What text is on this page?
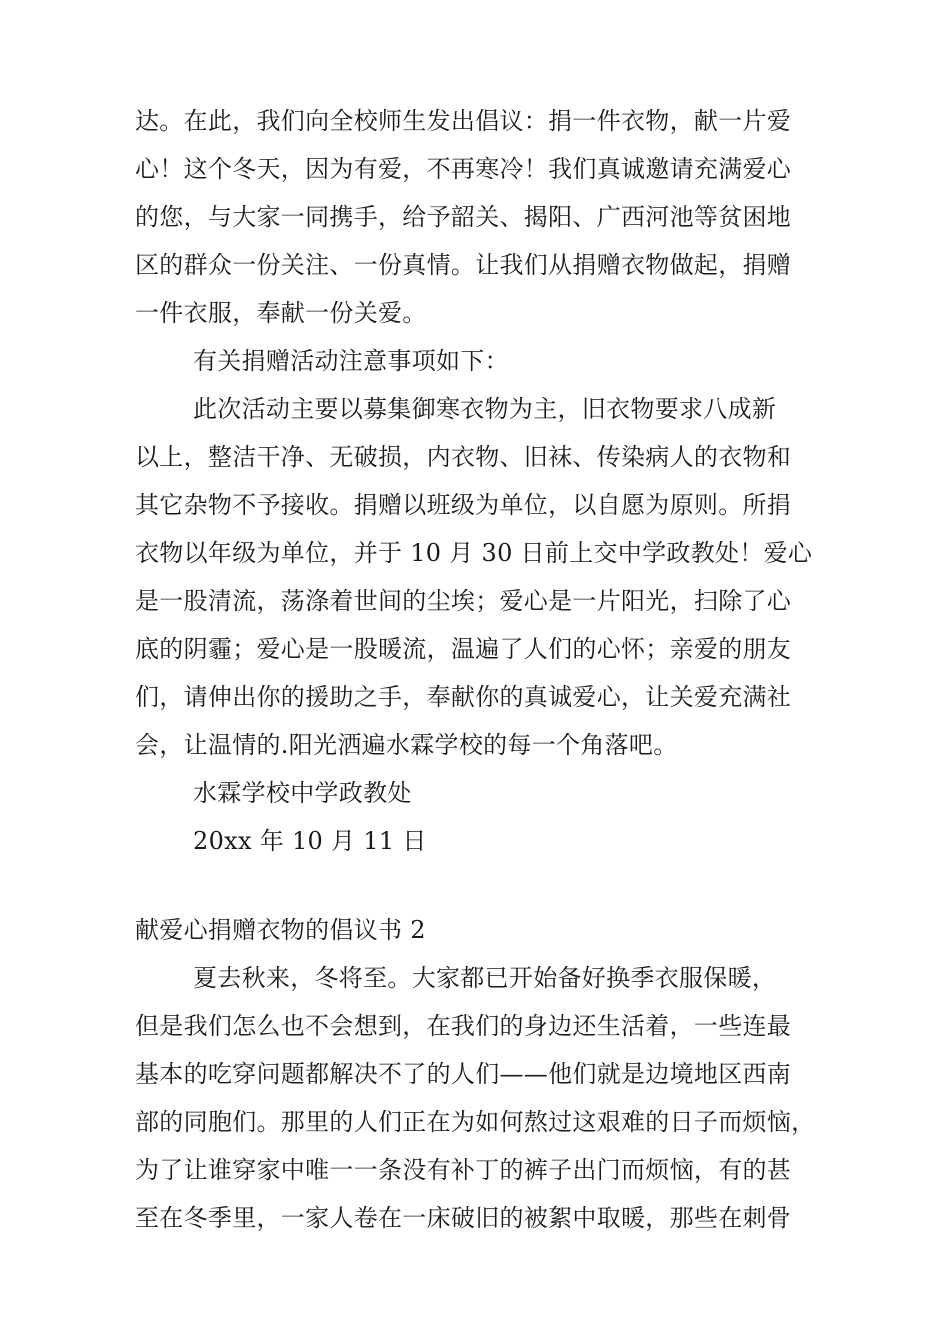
达。在此，我们向全校师生发出倡议：捐一件衣物，献一片爱
心！这个冬天，因为有爱，不再寒冷！我们真诚邀请充满爱心
的您，与大家一同携手，给予韶关、揭阳、广西河池等贫困地
区的群众一份关注、一份真情。让我们从捐赠衣物做起，捐赠
一件衣服，奉献一份关爱。
有关捐赠活动注意事项如下：
此次活动主要以募集御寒衣物为主，旧衣物要求八成新
以上，整洁干净、无破损，内衣物、旧袜、传染病人的衣物和
其它杂物不予接收。捐赠以班级为单位，以自愿为原则。所捐
衣物以年级为单位，并于 10 月 30 日前上交中学政教处！爱心
是一股清流，荡涤着世间的尘埃；爱心是一片阳光，扫除了心
底的阴霾；爱心是一股暖流，温遍了人们的心怀；亲爱的朋友
们，请伸出你的援助之手，奉献你的真诚爱心，让关爱充满社
会，让温情的.阳光洒遍水霖学校的每一个角落吧。
水霖学校中学政教处
20xx 年 10 月 11 日
献爱心捐赠衣物的倡议书 2
夏去秋来，冬将至。大家都已开始备好换季衣服保暖，
但是我们怎么也不会想到，在我们的身边还生活着，一些连最
基本的吃穿问题都解决不了的人们——他们就是边境地区西南
部的同胞们。那里的人们正在为如何熬过这艰难的日子而烦恼，
为了让谁穿家中唯一一条没有补丁的裤子出门而烦恼，有的甚
至在冬季里，一家人卷在一床破旧的被絮中取暖，那些在刺骨
